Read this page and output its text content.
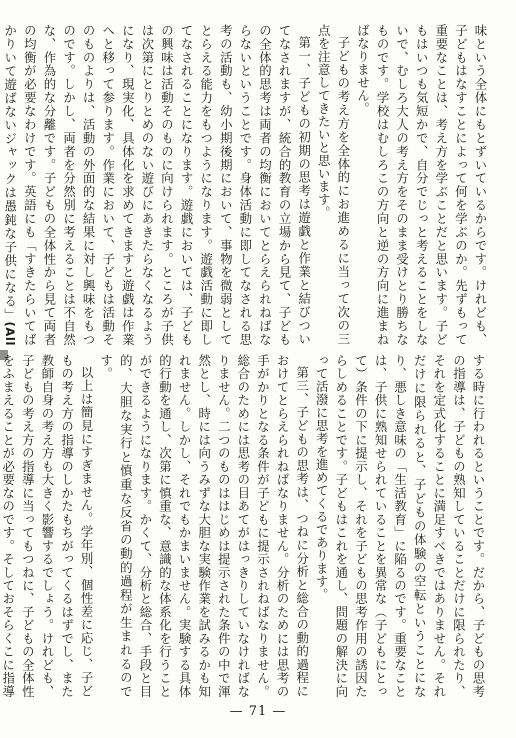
味という全体にもとずいているからです。けれども、子どもはなすことによって何を学ぶのか。先ずもって重要なことは、考え方を学ぶことだと思います。子どもはいつも気短かで、自分でじっと考えることをしないで、むしろ大人の考え方をそのまま受けとり勝ちなものです。学校はむしろこの方向と逆の方向に進まねばなりません。

子どもの考え方を全体的にお進めるに当って次の三点を注意してきたいと思います。

第一、子どもの初期の思考は遊戯と作業と結びついてなされますが、統合的教育の立場から見て、子どもの全体的思考は両者の均衡においてとらえられねばならないということです。身体活動に即してなされる思考の活動も、幼小期後期において、事物を微弱としてとらえる能力をもつようになります。遊戯活動に即してなされることになります。遊戯においては、子どもの興味は活動そのものに向けられます。ところが子供は次第にとりとめのない遊びにあきたらなくなるようになり、現実化、具体化を求めてきますと遊戯は作業へと移って参ります。作業において、子どもは活動そのものよりは、活動の外面的な結果に対し興味をもつのです。しかし、両者を分然別に考えることは不自然な、作為的な分離です。子どもの全体性から見て両者の均衡が必要なわけです。英語にも「すきたらいてばかりいて遊ばないジャックは愚鈍な子供になる」(All

する時に行われるということです。だから、子どもの思考の指導は、子どもの熟知していることだけに限られたり、それを定式化することに満足すべきではありません。それだけに限られると、子どもの体験の空転ということになり、悪しき意味の「生活教育」に陥るのです。重要なことは、子供に熟知せられていることを異常な（子どもにとって）条件の下に提示し、それを子どもの思考作用の誘因たらしめることです。子どもはこれを通し、問題の解決に向って活潑に思考を進めてくるであります。

第三、子どもの思考は、つねに分析と総合の動的過程におけてとらえられねばなりません。分析のためには思考の手がかりとなる条件が子どもに提示されねばなりません。総合のためには思考の目あてがはっきりしていなければなりません。二つのものははじめは提示された条件の中で渾然とし、時には向うみずな大胆な実験作業を試みるかも知れません。しかし、それでもかまいません。実験する具体的行動を通し、次第に慎重な、意識的な体系化を行うことができるようになります。かくて、分析と総合、手段と目的、大胆な実行と慎重な反省の動的過程が生まれるのです。

以上は簡見にすぎません。学年別、個性差に応じ、子どもの考え方の指導のしかたもちがってくるはずでし、また教師自身の考え方も大きく影響するでしょう。けれども、子どもの考え方の指導に当ってもつねに、子どもの全体性をふまえることが必要なのです。そしておそらくこに指導

— 71 —
